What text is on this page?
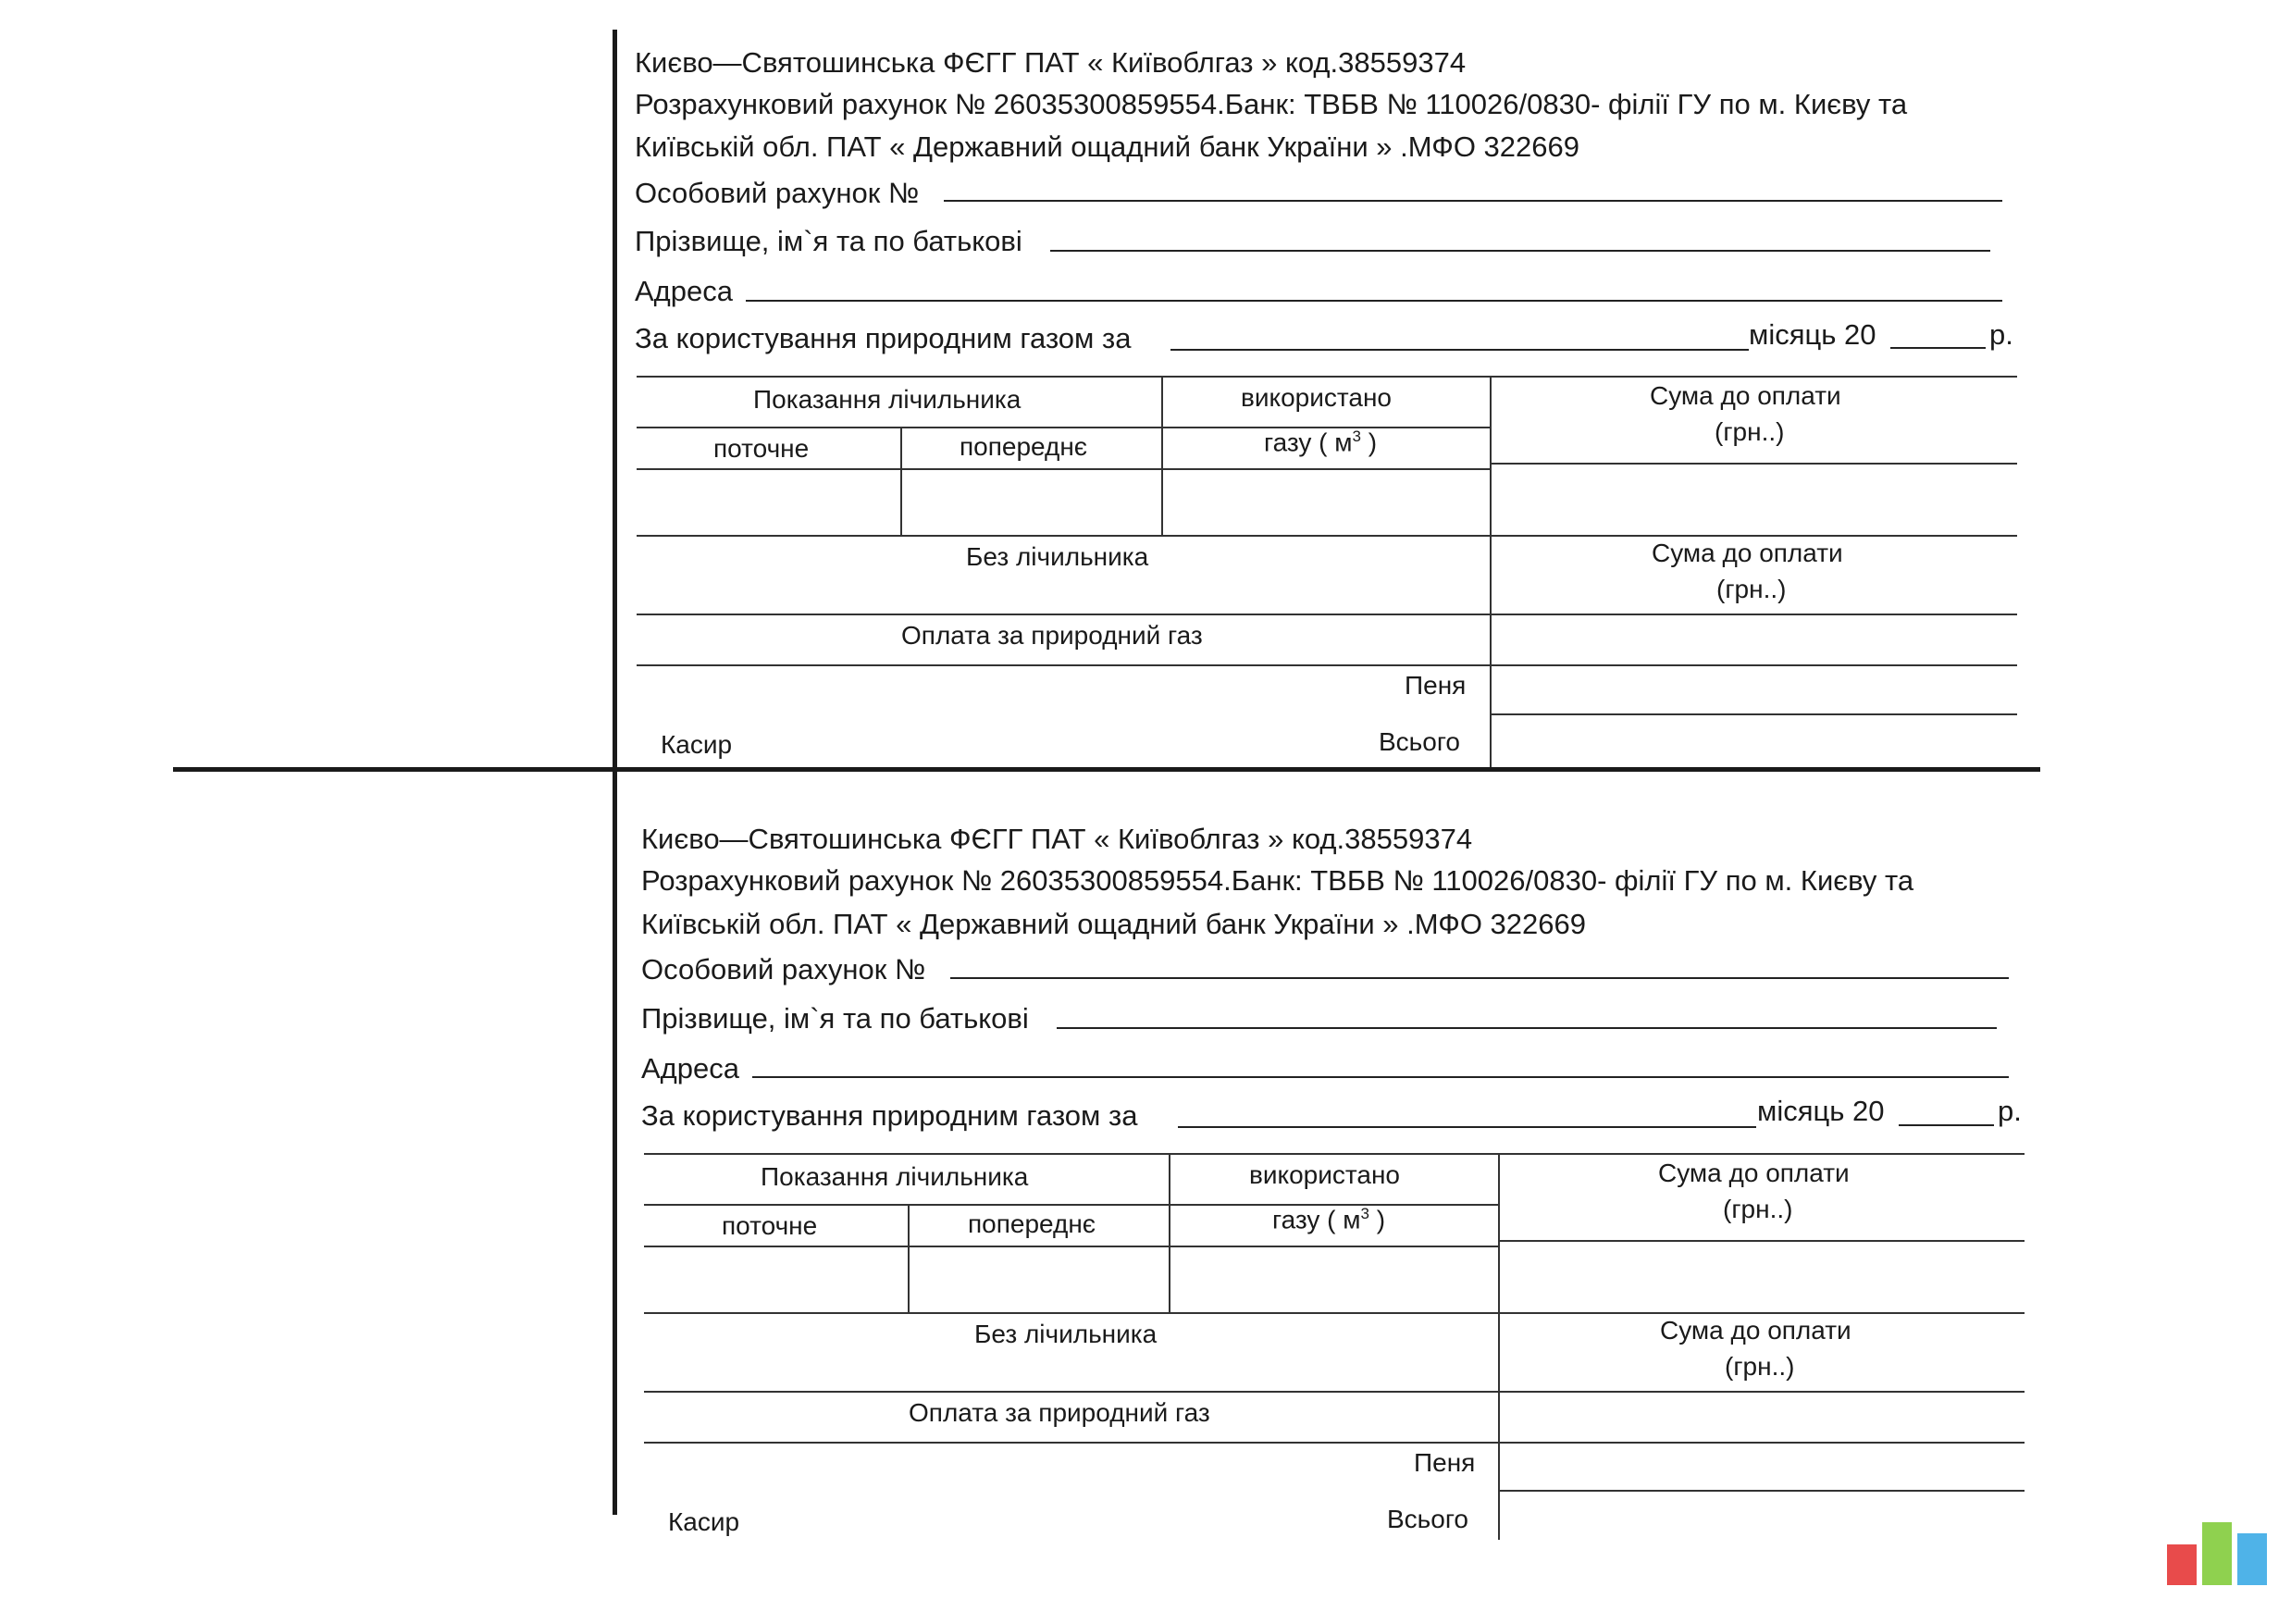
Києво—Святошинська ФЄГГ ПАТ « Київоблгаз » код.38559374
Розрахунковий рахунок № 26035300859554.Банк: ТВБВ № 110026/0830- філії ГУ по м. Києву та
Київській обл. ПАТ « Державний ощадний банк України » .МФО 322669
Особовий рахунок №
Прізвище, ім`я та по батькові
Адреса
За користування природним газом за	місяць 20	р.
Показання лічильника	використано	Сума до оплати
(грн..)
поточне	попереднє	газу ( $м^3$ )
Без лічильника	Сума до оплати
(грн..)
Оплата за природний газ
Пеня
Касир	Всього
Києво—Святошинська ФЄГГ ПАТ « Київоблгаз » код.38559374
Розрахунковий рахунок № 26035300859554.Банк: ТВБВ № 110026/0830- філії ГУ по м. Києву та
Київській обл. ПАТ « Державний ощадний банк України » .МФО 322669
Особовий рахунок №
Прізвище, ім`я та по батькові
Адреса
За користування природним газом за	місяць 20	р.
Показання лічильника	використано	Сума до оплати
(грн..)
поточне	попереднє	газу ( $м^3$ )
Без лічильника	Сума до оплати
(грн..)
Оплата за природний газ
Пеня
Касир	Всього
